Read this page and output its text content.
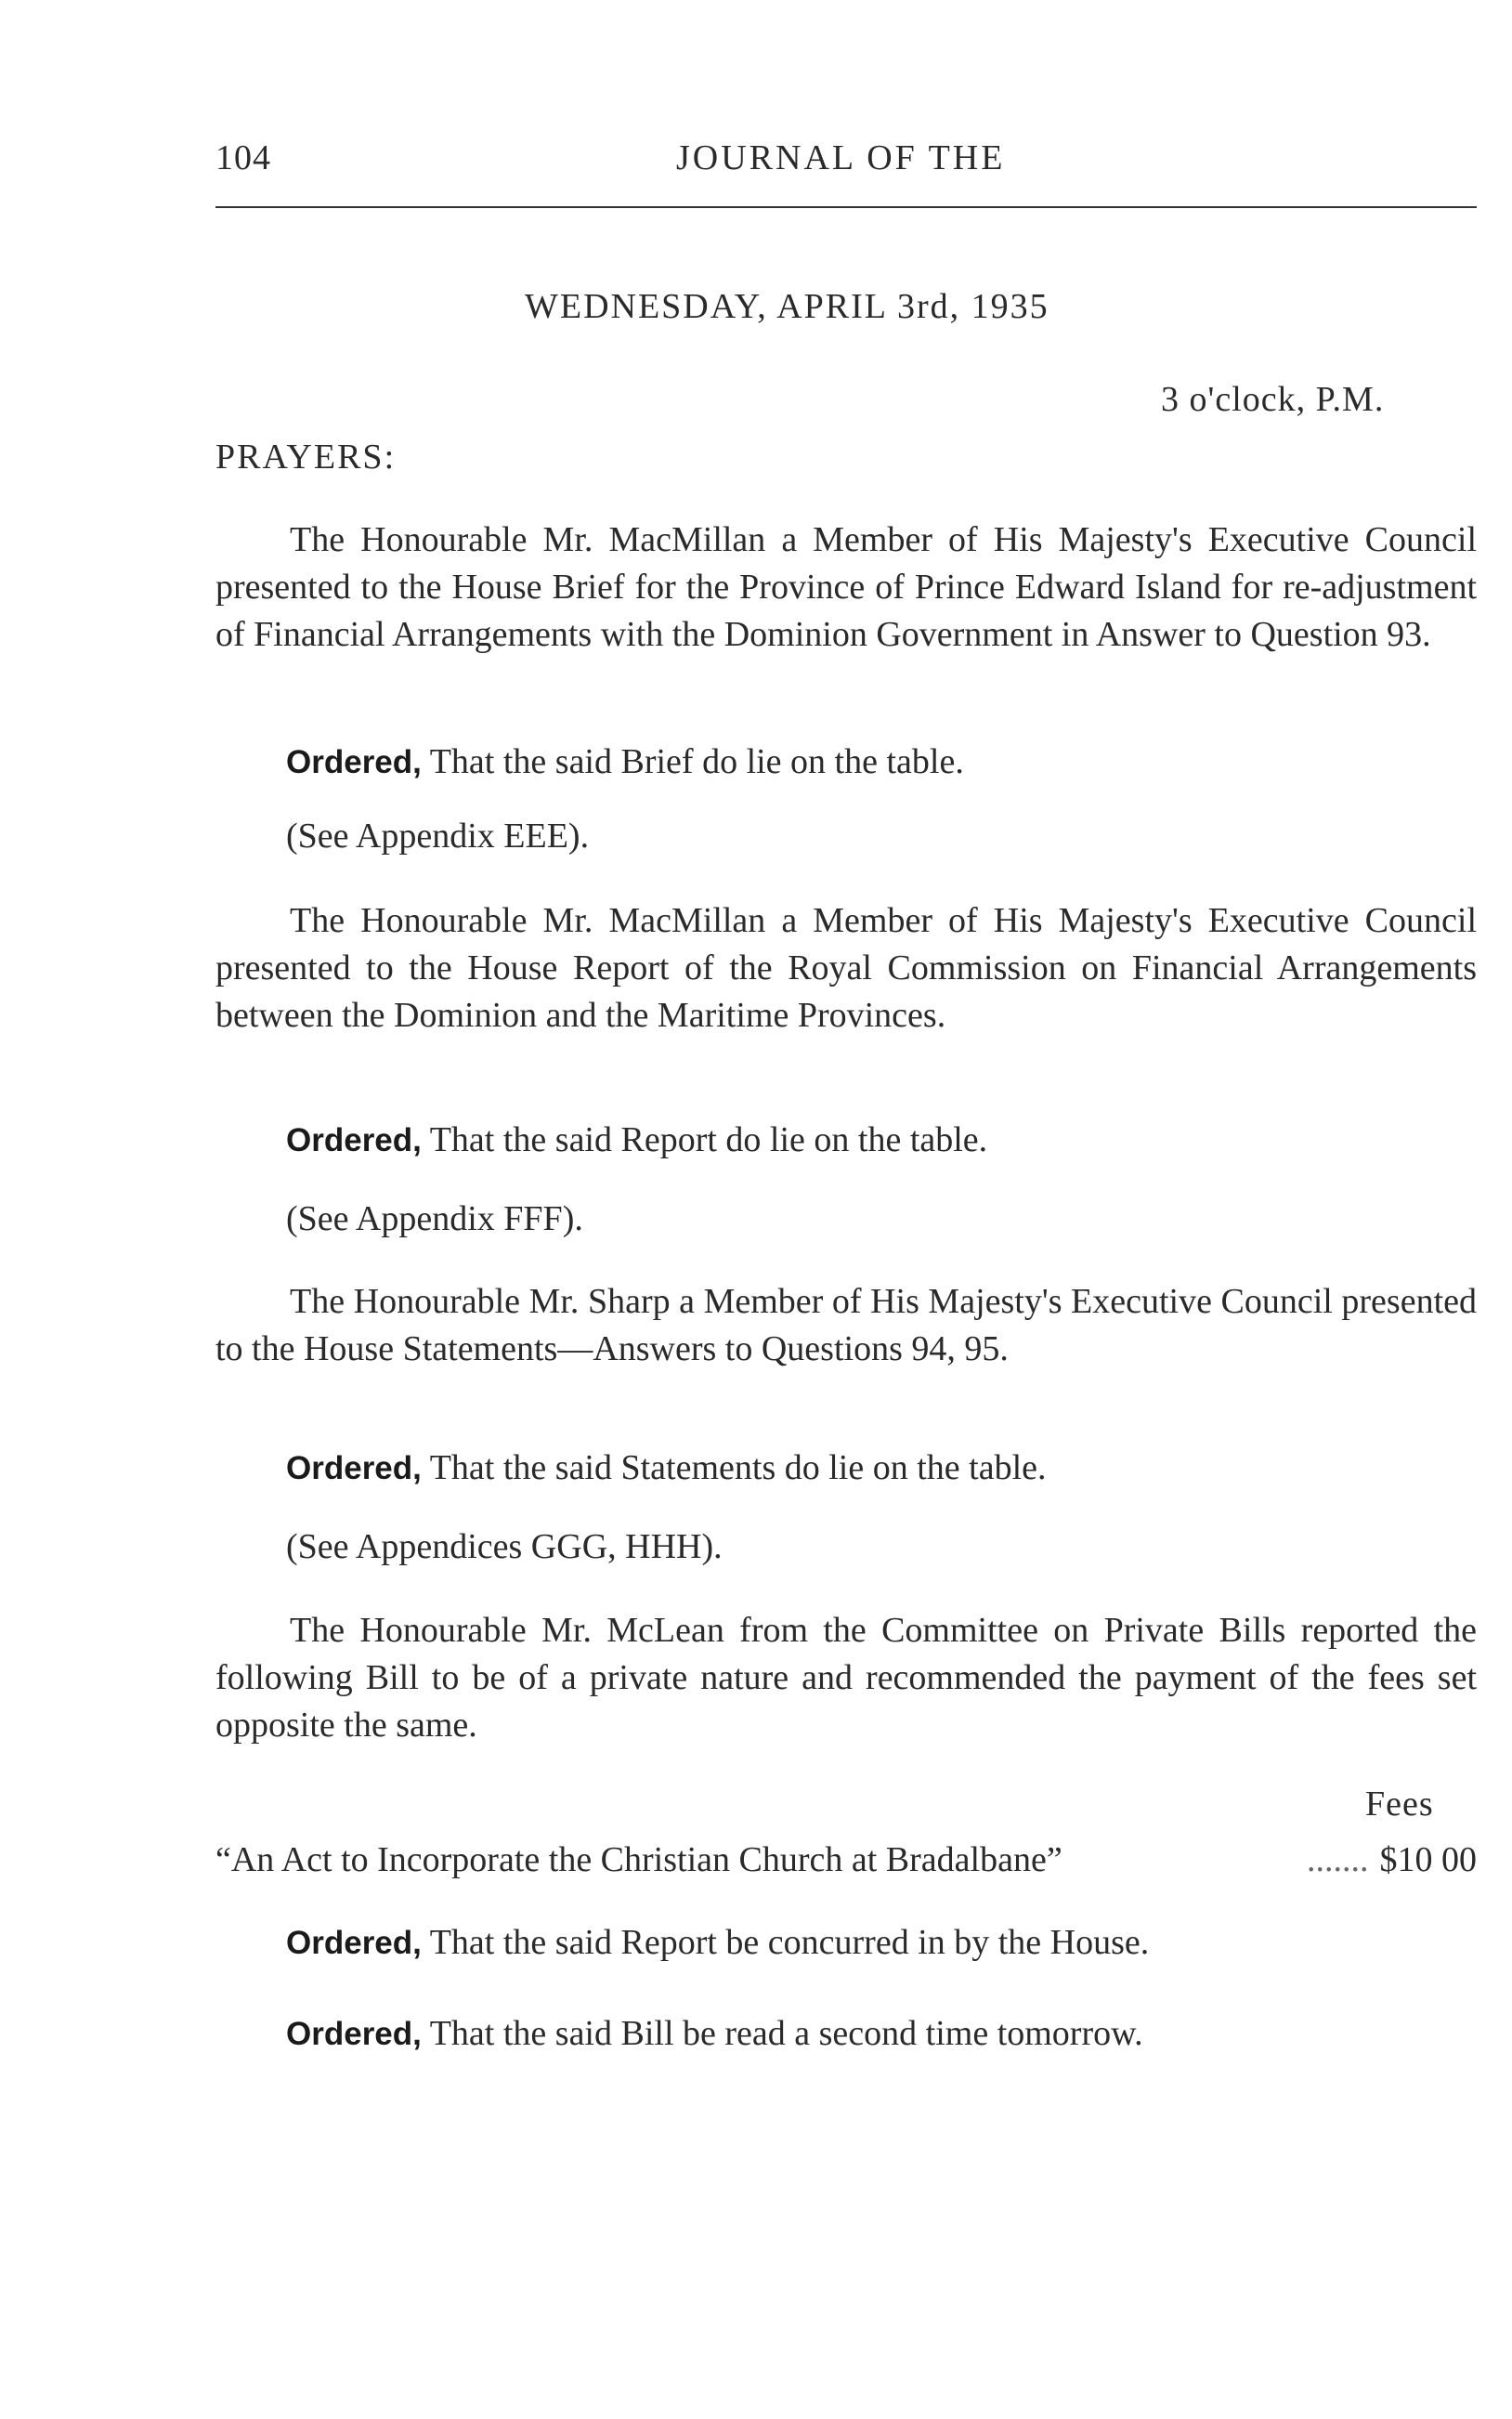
104	JOURNAL OF THE
WEDNESDAY, APRIL 3rd, 1935
3 o'clock, P.M.
PRAYERS:
The Honourable Mr. MacMillan a Member of His Majesty's Executive Council presented to the House Brief for the Province of Prince Edward Island for re-adjustment of Financial Arrangements with the Dominion Government in Answer to Question 93.
Ordered, That the said Brief do lie on the table.
(See Appendix EEE).
The Honourable Mr. MacMillan a Member of His Majesty's Executive Council presented to the House Report of the Royal Commission on Financial Arrangements between the Dominion and the Maritime Provinces.
Ordered, That the said Report do lie on the table.
(See Appendix FFF).
The Honourable Mr. Sharp a Member of His Majesty's Executive Council presented to the House Statements—Answers to Questions 94, 95.
Ordered, That the said Statements do lie on the table.
(See Appendices GGG, HHH).
The Honourable Mr. McLean from the Committee on Private Bills reported the following Bill to be of a private nature and recommended the payment of the fees set opposite the same.
Fees
“An Act to Incorporate the Christian Church at Bradalbane”	....... $10 00
Ordered, That the said Report be concurred in by the House.
Ordered, That the said Bill be read a second time tomorrow.
